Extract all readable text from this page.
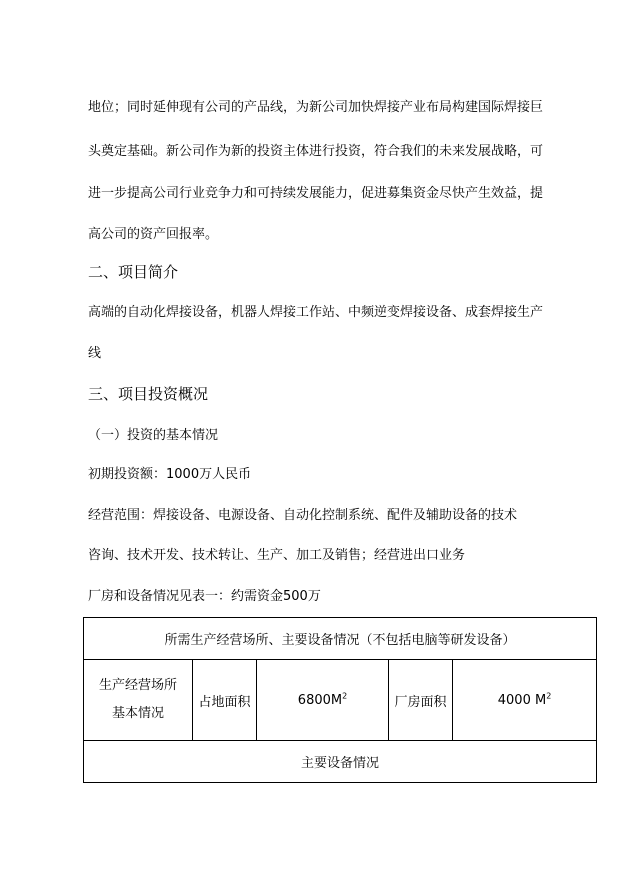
地位；同时延伸现有公司的产品线，为新公司加快焊接产业布局构建国际焊接巨
头奠定基础。新公司作为新的投资主体进行投资，符合我们的未来发展战略，可
进一步提高公司行业竞争力和可持续发展能力，促进募集资金尽快产生效益，提
高公司的资产回报率。
二、项目简介
高端的自动化焊接设备，机器人焊接工作站、中频逆变焊接设备、成套焊接生产
线
三、项目投资概况
（一）投资的基本情况
初期投资额：1000万人民币
经营范围：焊接设备、电源设备、自动化控制系统、配件及辅助设备的技术
咨询、技术开发、技术转让、生产、加工及销售；经营进出口业务
厂房和设备情况见表一：约需资金500万
所需生产经营场所、主要设备情况（不包括电脑等研发设备）

生产经营场所
基本情况
	占地面积	$6800M^2$	厂房面积	4000 $M^2$
主要设备情况
